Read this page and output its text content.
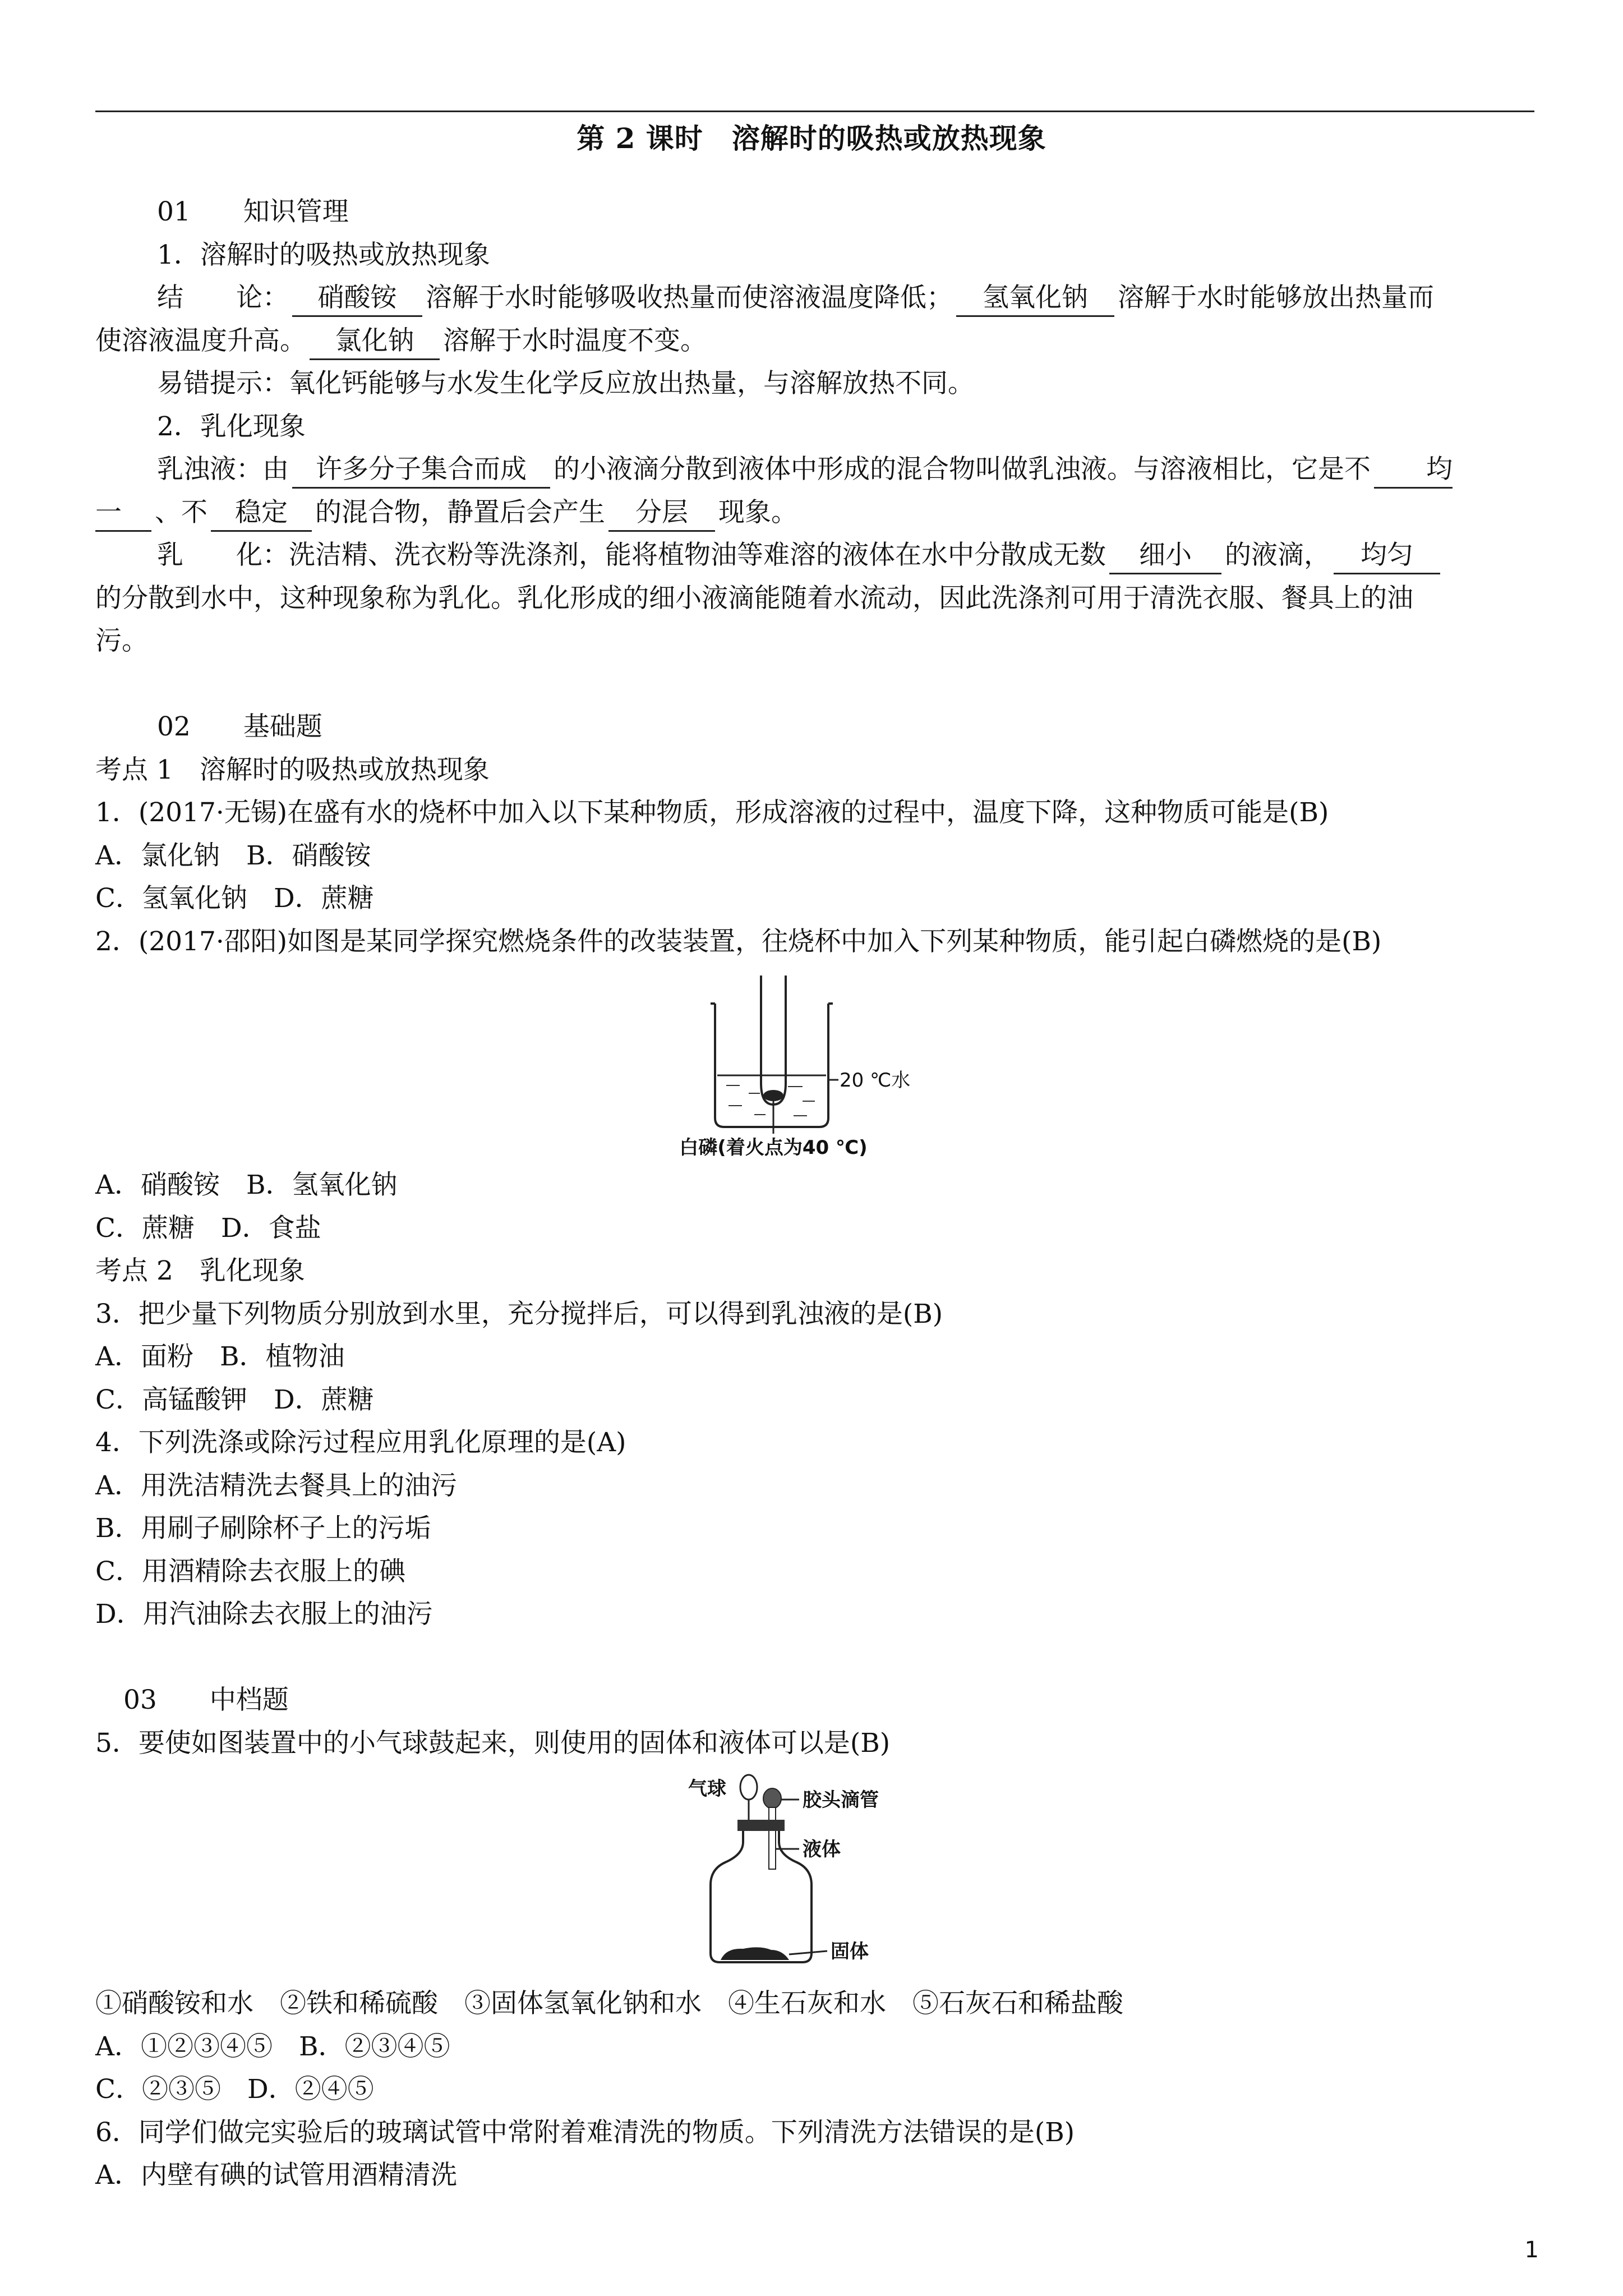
第 2 课时　溶解时的吸热或放热现象
01　　知识管理
1．溶解时的吸热或放热现象
结　　论： 硝酸铵 溶解于水时能够吸收热量而使溶液温度降低； 氢氧化钠 溶解于水时能够放出热量而
使溶液温度升高。 氯化钠 溶解于水时温度不变。
易错提示：氧化钙能够与水发生化学反应放出热量，与溶解放热不同。
2．乳化现象
乳浊液：由 许多分子集合而成 的小液滴分散到液体中形成的混合物叫做乳浊液。与溶液相比，它是不 均
一 、不 稳定 的混合物，静置后会产生 分层 现象。
乳　　化：洗洁精、洗衣粉等洗涤剂，能将植物油等难溶的液体在水中分散成无数 细小 的液滴， 均匀
的分散到水中，这种现象称为乳化。乳化形成的细小液滴能随着水流动，因此洗涤剂可用于清洗衣服、餐具上的油
污。
02　　基础题
考点 1　溶解时的吸热或放热现象
1．(2017·无锡)在盛有水的烧杯中加入以下某种物质，形成溶液的过程中，温度下降，这种物质可能是(B)
A．氯化钠　B．硝酸铵
C．氢氧化钠　D．蔗糖
2．(2017·邵阳)如图是某同学探究燃烧条件的改装装置，往烧杯中加入下列某种物质，能引起白磷燃烧的是(B)
20 ℃水
白磷(着火点为40 ℃)
A．硝酸铵　B．氢氧化钠
C．蔗糖　D．食盐
考点 2　乳化现象
3．把少量下列物质分别放到水里，充分搅拌后，可以得到乳浊液的是(B)
A．面粉　B．植物油
C．高锰酸钾　D．蔗糖
4．下列洗涤或除污过程应用乳化原理的是(A)
A．用洗洁精洗去餐具上的油污
B．用刷子刷除杯子上的污垢
C．用酒精除去衣服上的碘
D．用汽油除去衣服上的油污
03　　中档题
5．要使如图装置中的小气球鼓起来，则使用的固体和液体可以是(B)
气球	胶头滴管
液体
固体
①硝酸铵和水　②铁和稀硫酸　③固体氢氧化钠和水　④生石灰和水　⑤石灰石和稀盐酸
A．①②③④⑤　B．②③④⑤
C．②③⑤　D．②④⑤
6．同学们做完实验后的玻璃试管中常附着难清洗的物质。下列清洗方法错误的是(B)
A．内壁有碘的试管用酒精清洗
1
